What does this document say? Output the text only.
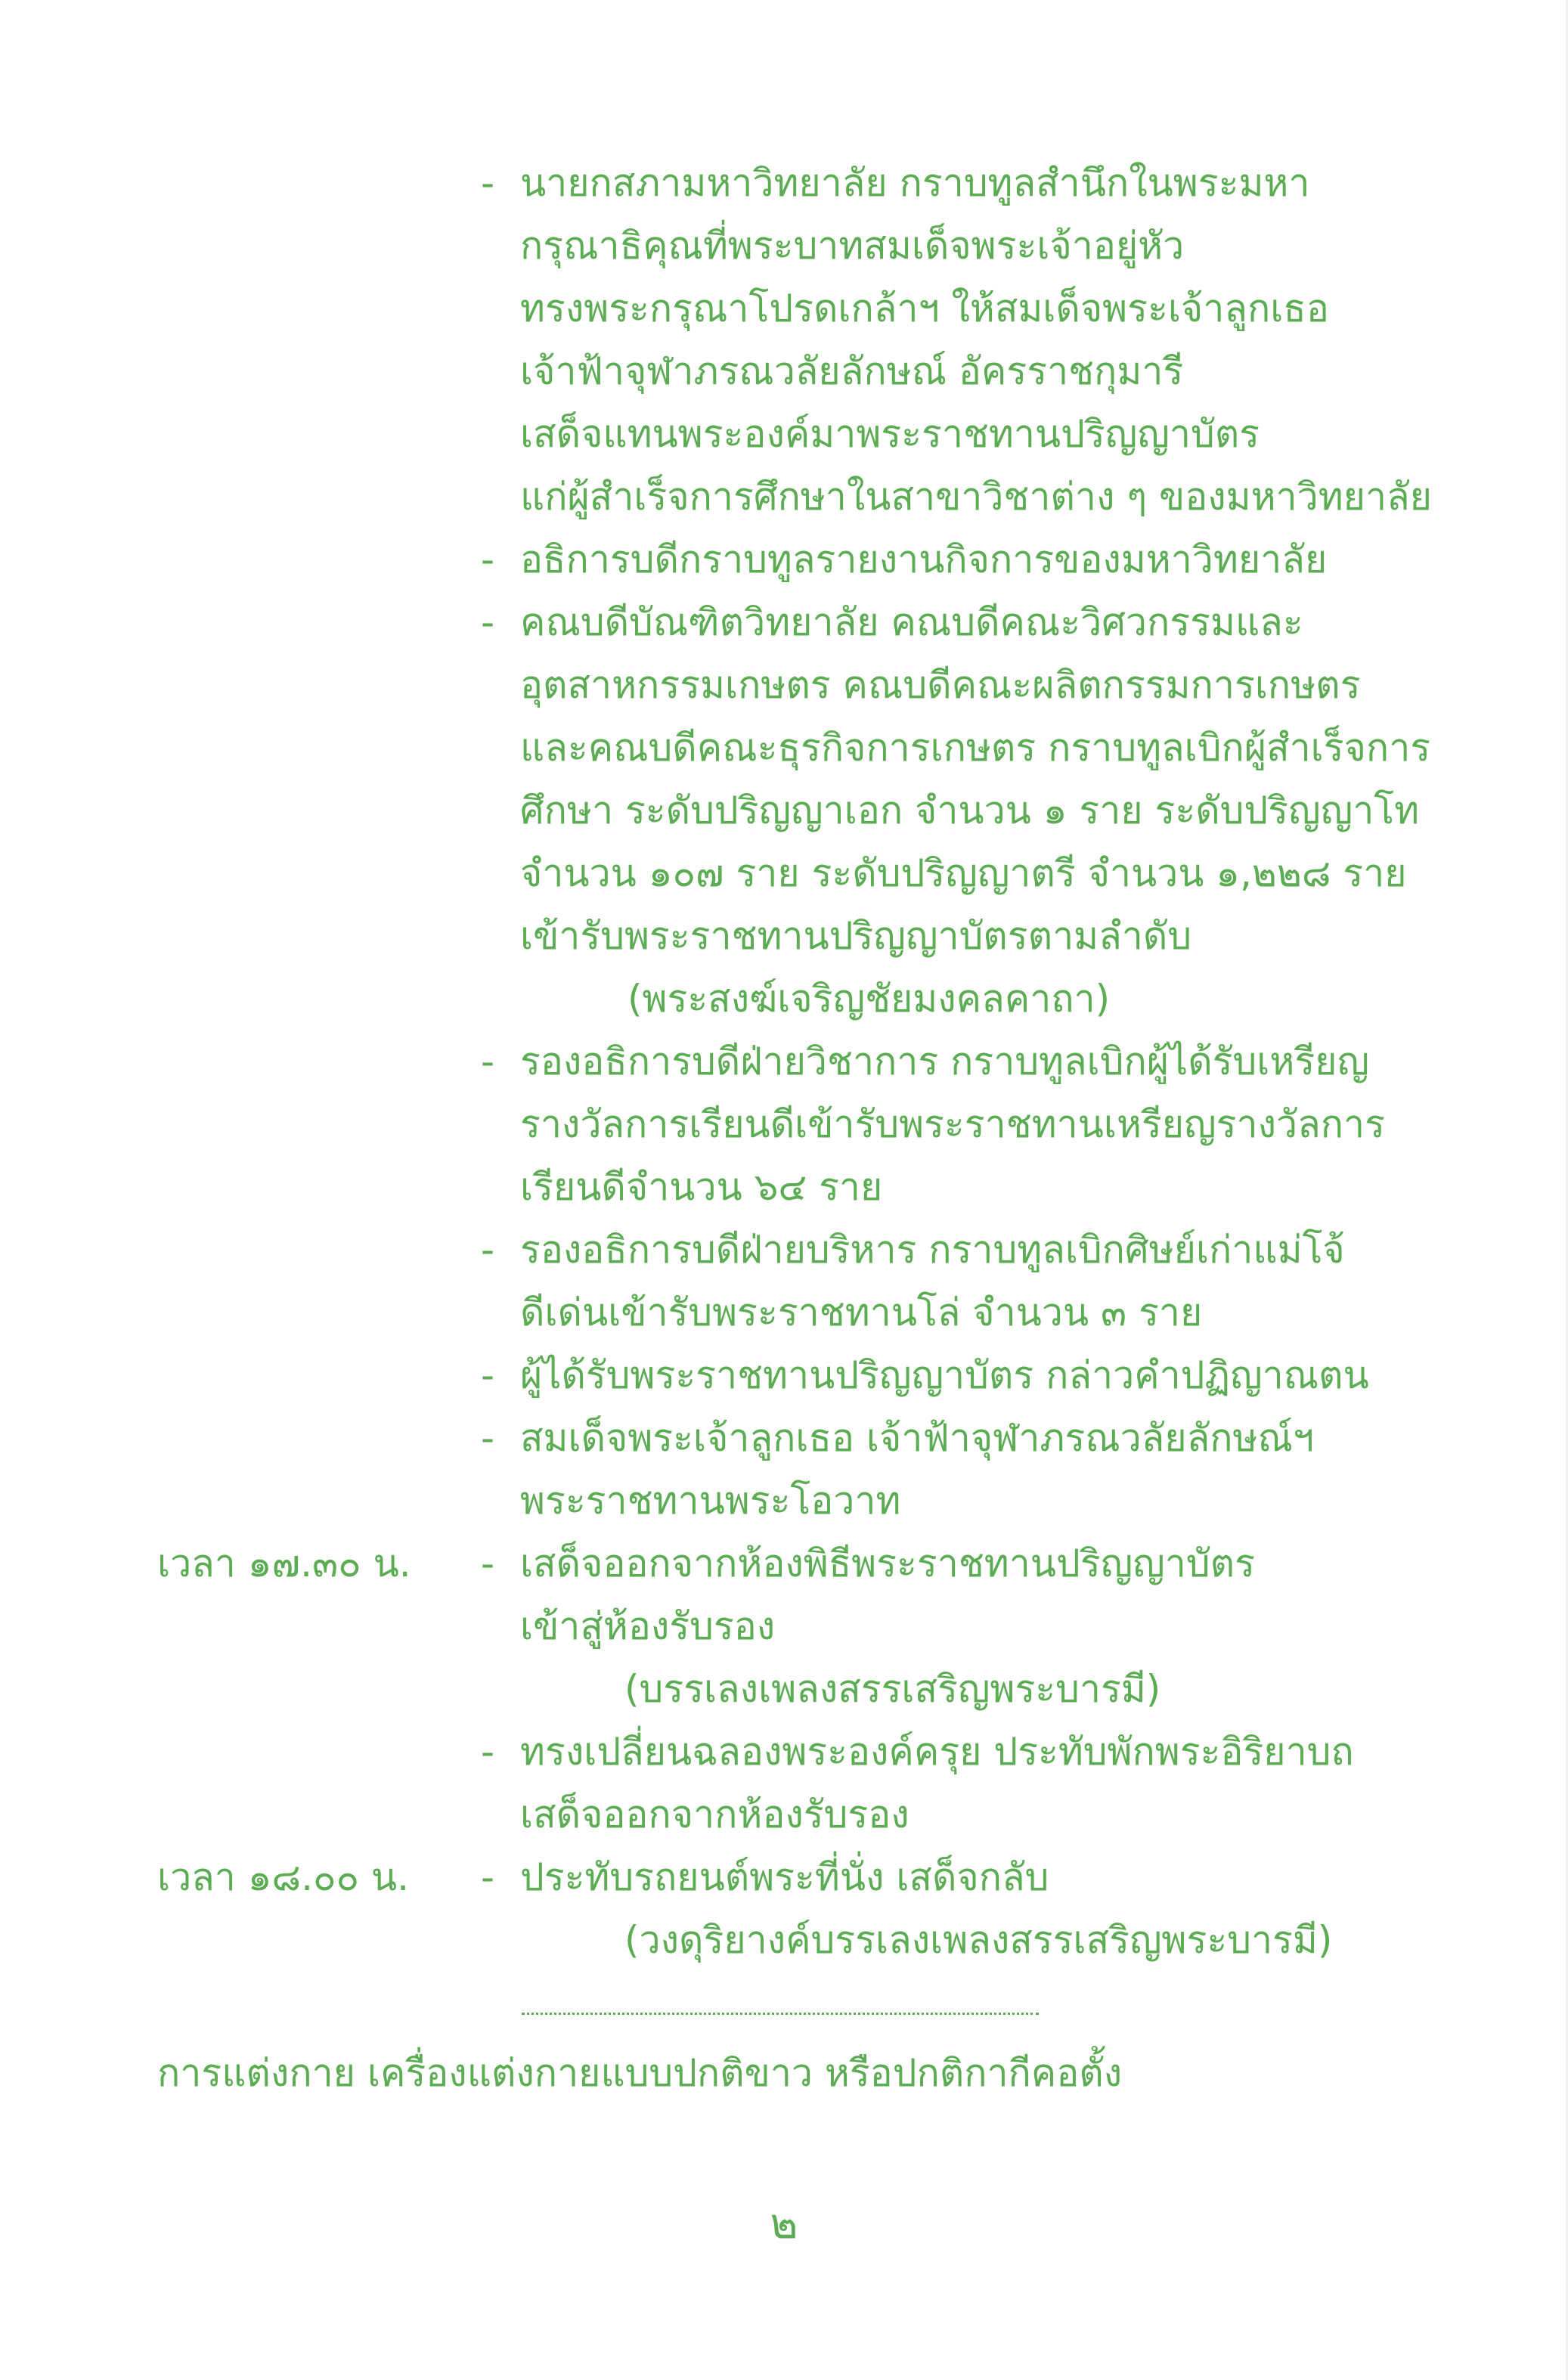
- นายกสภามหาวิทยาลัย กราบทูลสำนึกในพระมหา
กรุณาธิคุณที่พระบาทสมเด็จพระเจ้าอยู่หัว
ทรงพระกรุณาโปรดเกล้าฯ ให้สมเด็จพระเจ้าลูกเธอ
เจ้าฟ้าจุฬาภรณวลัยลักษณ์ อัครราชกุมารี
เสด็จแทนพระองค์มาพระราชทานปริญญาบัตร
แก่ผู้สำเร็จการศึกษาในสาขาวิชาต่าง ๆ ของมหาวิทยาลัย
- อธิการบดีกราบทูลรายงานกิจการของมหาวิทยาลัย
- คณบดีบัณฑิตวิทยาลัย คณบดีคณะวิศวกรรมและ
อุตสาหกรรมเกษตร คณบดีคณะผลิตกรรมการเกษตร
และคณบดีคณะธุรกิจการเกษตร กราบทูลเบิกผู้สำเร็จการ
ศึกษา ระดับปริญญาเอก จำนวน ๑ ราย ระดับปริญญาโท
จำนวน ๑๐๗ ราย ระดับปริญญาตรี จำนวน ๑,๒๒๘ ราย
เข้ารับพระราชทานปริญญาบัตรตามลำดับ
(พระสงฆ์เจริญชัยมงคลคาถา)
- รองอธิการบดีฝ่ายวิชาการ กราบทูลเบิกผู้ได้รับเหรียญ
รางวัลการเรียนดีเข้ารับพระราชทานเหรียญรางวัลการ
เรียนดีจำนวน ๖๔ ราย
- รองอธิการบดีฝ่ายบริหาร กราบทูลเบิกศิษย์เก่าแม่โจ้
ดีเด่นเข้ารับพระราชทานโล่ จำนวน ๓ ราย
- ผู้ได้รับพระราชทานปริญญาบัตร กล่าวคำปฏิญาณตน
- สมเด็จพระเจ้าลูกเธอ เจ้าฟ้าจุฬาภรณวลัยลักษณ์ฯ
พระราชทานพระโอวาท
เวลา ๑๗.๓๐ น. - เสด็จออกจากห้องพิธีพระราชทานปริญญาบัตร
เข้าสู่ห้องรับรอง
(บรรเลงเพลงสรรเสริญพระบารมี)
- ทรงเปลี่ยนฉลองพระองค์ครุย ประทับพักพระอิริยาบถ
เสด็จออกจากห้องรับรอง
เวลา ๑๘.๐๐ น. - ประทับรถยนต์พระที่นั่ง เสด็จกลับ
(วงดุริยางค์บรรเลงเพลงสรรเสริญพระบารมี)
การแต่งกาย เครื่องแต่งกายแบบปกติขาว หรือปกติกากีคอตั้ง
๒
